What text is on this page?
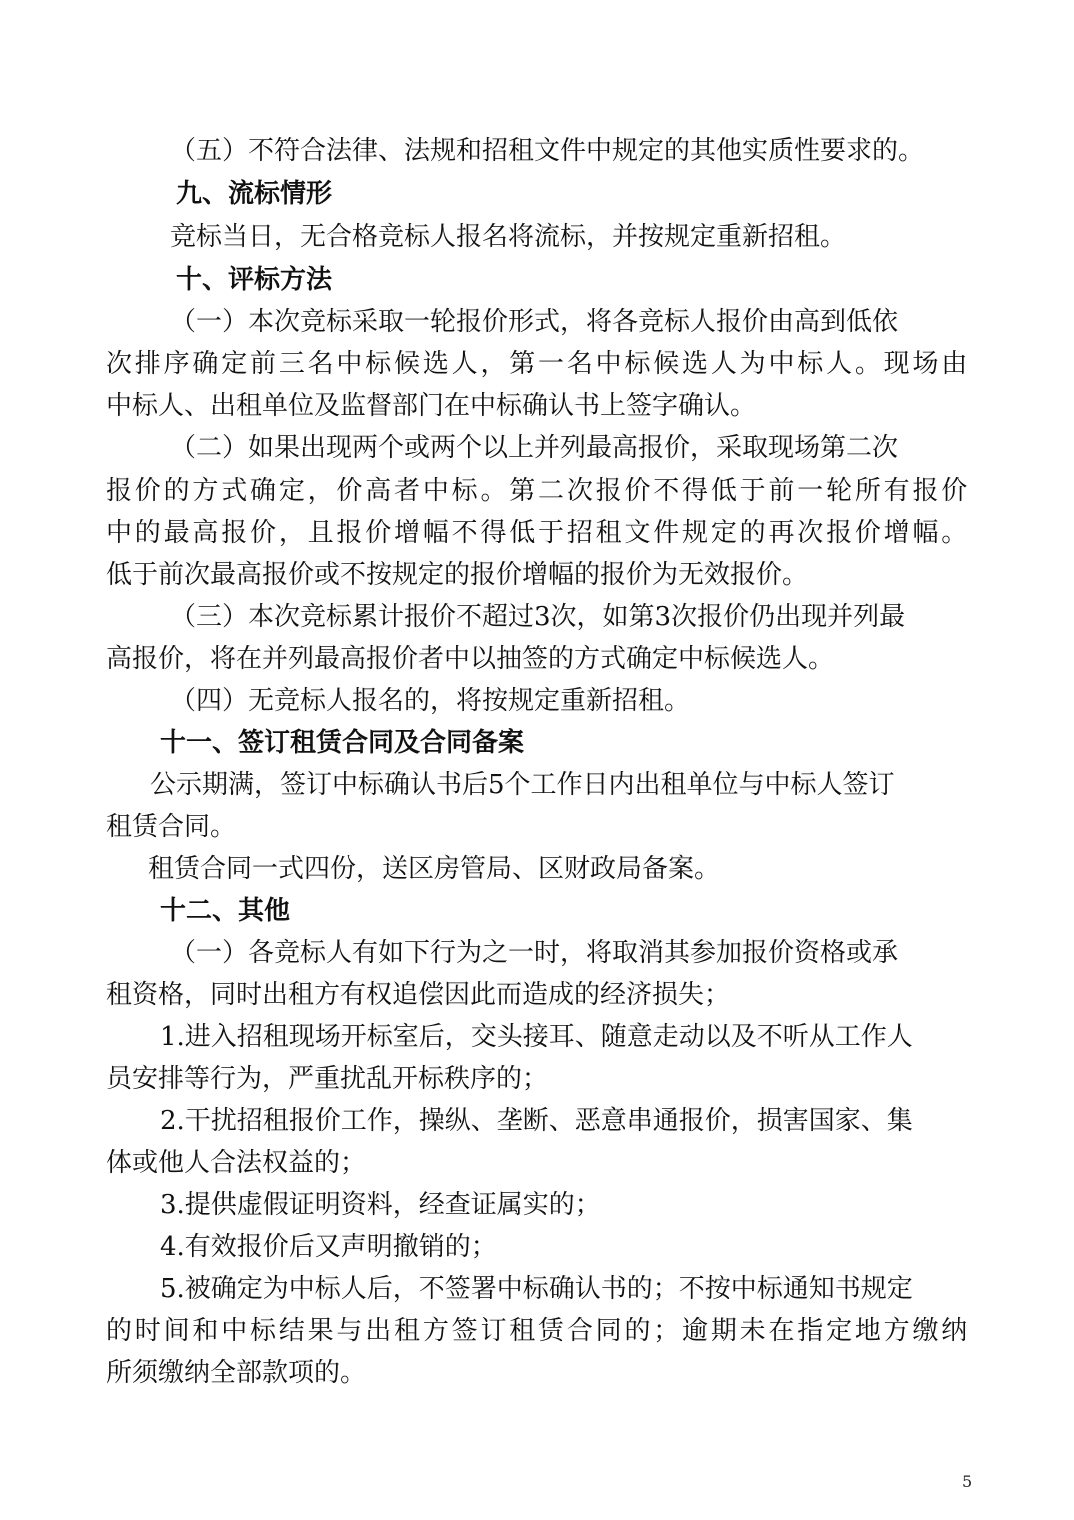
（五）不符合法律、法规和招租文件中规定的其他实质性要求的。
九、流标情形
竞标当日，无合格竞标人报名将流标，并按规定重新招租。
十、评标方法
（一）本次竞标采取一轮报价形式，将各竞标人报价由高到低依
次排序确定前三名中标候选人，第一名中标候选人为中标人。现场由
中标人、出租单位及监督部门在中标确认书上签字确认。
（二）如果出现两个或两个以上并列最高报价，采取现场第二次
报价的方式确定，价高者中标。第二次报价不得低于前一轮所有报价
中的最高报价，且报价增幅不得低于招租文件规定的再次报价增幅。
低于前次最高报价或不按规定的报价增幅的报价为无效报价。
（三）本次竞标累计报价不超过3次，如第3次报价仍出现并列最
高报价，将在并列最高报价者中以抽签的方式确定中标候选人。
（四）无竞标人报名的，将按规定重新招租。
十一、签订租赁合同及合同备案
公示期满，签订中标确认书后5个工作日内出租单位与中标人签订
租赁合同。
租赁合同一式四份，送区房管局、区财政局备案。
十二、其他
（一）各竞标人有如下行为之一时，将取消其参加报价资格或承
租资格，同时出租方有权追偿因此而造成的经济损失；
1.进入招租现场开标室后，交头接耳、随意走动以及不听从工作人
员安排等行为，严重扰乱开标秩序的；
2.干扰招租报价工作，操纵、垄断、恶意串通报价，损害国家、集
体或他人合法权益的；
3.提供虚假证明资料，经查证属实的；
4.有效报价后又声明撤销的；
5.被确定为中标人后，不签署中标确认书的；不按中标通知书规定
的时间和中标结果与出租方签订租赁合同的；逾期未在指定地方缴纳
所须缴纳全部款项的。
5
